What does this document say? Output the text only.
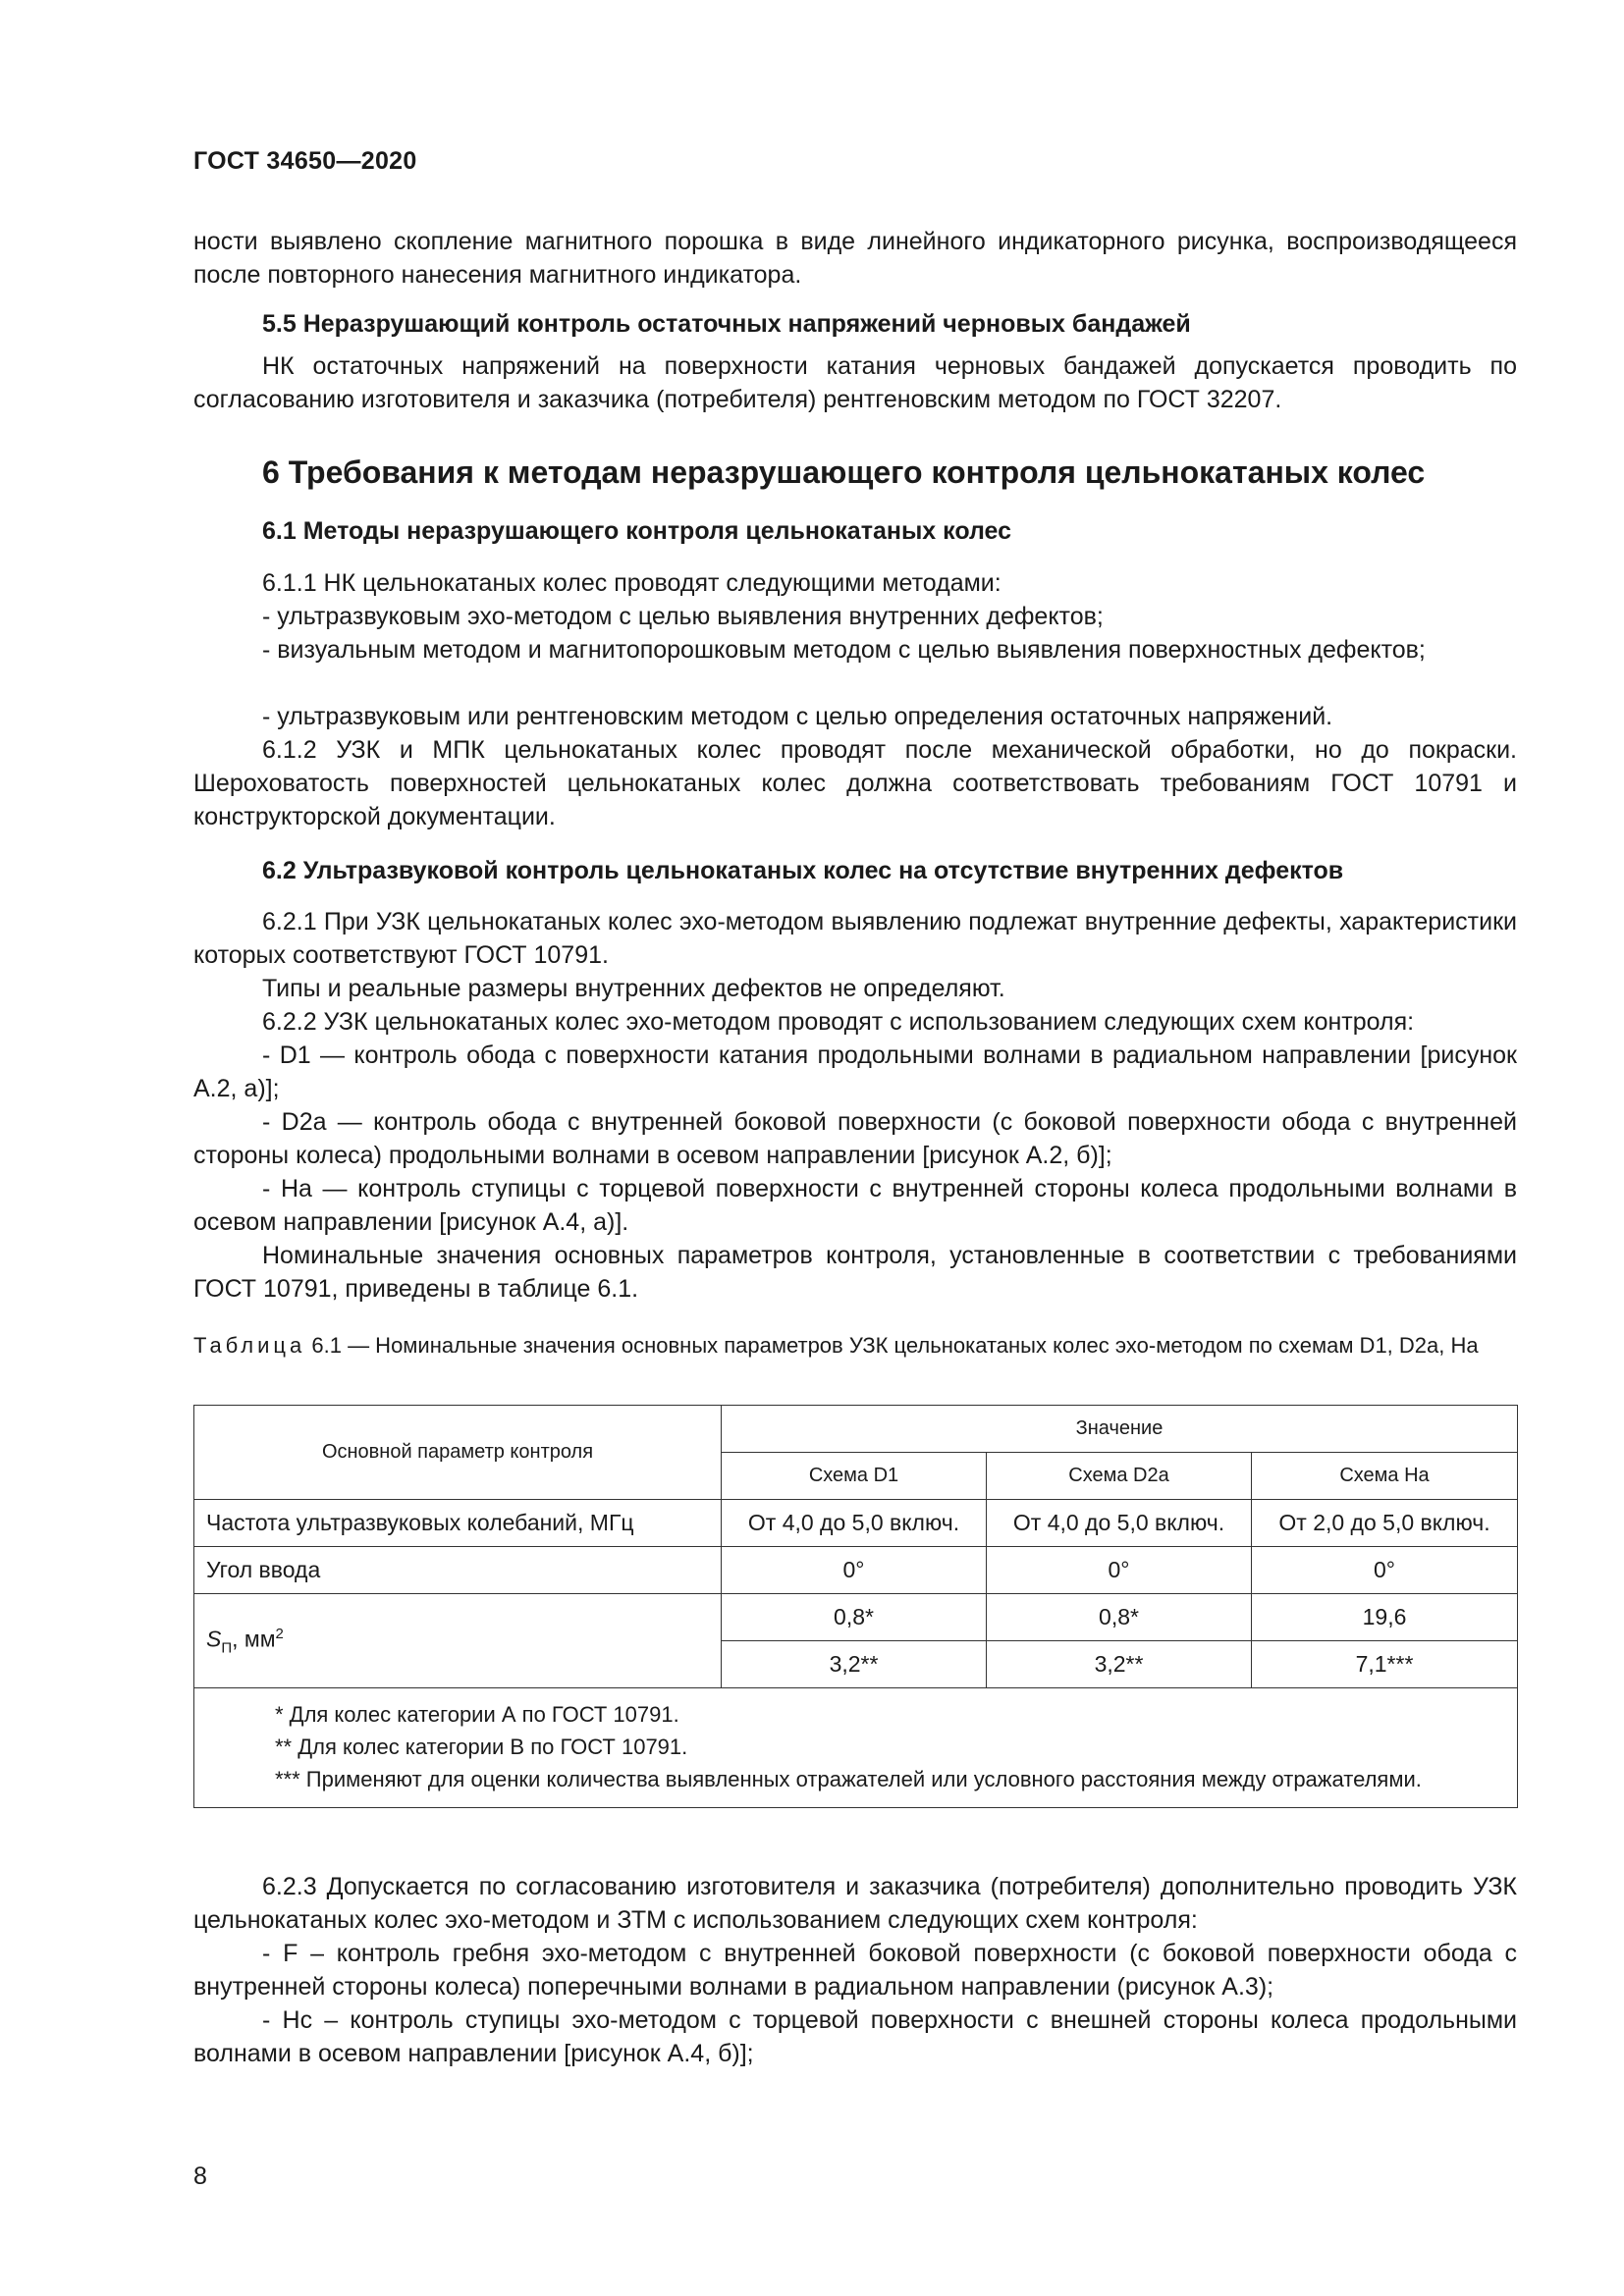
ГОСТ 34650—2020
ности выявлено скопление магнитного порошка в виде линейного индикаторного рисунка, воспроизводящееся после повторного нанесения магнитного индикатора.
5.5 Неразрушающий контроль остаточных напряжений черновых бандажей
НК остаточных напряжений на поверхности катания черновых бандажей допускается проводить по согласованию изготовителя и заказчика (потребителя) рентгеновским методом по ГОСТ 32207.
6 Требования к методам неразрушающего контроля цельнокатаных колес
6.1 Методы неразрушающего контроля цельнокатаных колес
6.1.1 НК цельнокатаных колес проводят следующими методами:
- ультразвуковым эхо-методом с целью выявления внутренних дефектов;
- визуальным методом и магнитопорошковым методом с целью выявления поверхностных дефектов;
- ультразвуковым или рентгеновским методом с целью определения остаточных напряжений.
6.1.2 УЗК и МПК цельнокатаных колес проводят после механической обработки, но до покраски. Шероховатость поверхностей цельнокатаных колес должна соответствовать требованиям ГОСТ 10791 и конструкторской документации.
6.2 Ультразвуковой контроль цельнокатаных колес на отсутствие внутренних дефектов
6.2.1 При УЗК цельнокатаных колес эхо-методом выявлению подлежат внутренние дефекты, характеристики которых соответствуют ГОСТ 10791.
Типы и реальные размеры внутренних дефектов не определяют.
6.2.2 УЗК цельнокатаных колес эхо-методом проводят с использованием следующих схем контроля:
- D1 — контроль обода с поверхности катания продольными волнами в радиальном направлении [рисунок А.2, а)];
- D2а — контроль обода с внутренней боковой поверхности (с боковой поверхности обода с внутренней стороны колеса) продольными волнами в осевом направлении [рисунок А.2, б)];
- На — контроль ступицы с торцевой поверхности с внутренней стороны колеса продольными волнами в осевом направлении [рисунок А.4, а)].
Номинальные значения основных параметров контроля, установленные в соответствии с требованиями ГОСТ 10791, приведены в таблице 6.1.
Таблица 6.1 — Номинальные значения основных параметров УЗК цельнокатаных колес эхо-методом по схемам D1, D2а, На
Основной параметр контроля	Значение		
	Схема D1	Схема D2а	Схема На
Частота ультразвуковых колебаний, МГц	От 4,0 до 5,0 включ.	От 4,0 до 5,0 включ.	От 2,0 до 5,0 включ.
Угол ввода	0°	0°	0°
$S_П$, $мм^2$	0,8*	0,8*	19,6
	3,2**	3,2**	7,1***

* Для колес категории А по ГОСТ 10791.
** Для колес категории В по ГОСТ 10791.
*** Применяют для оценки количества выявленных отражателей или условного расстояния между отражателями.			
6.2.3 Допускается по согласованию изготовителя и заказчика (потребителя) дополнительно проводить УЗК цельнокатаных колес эхо-методом и ЗТМ с использованием следующих схем контроля:
- F – контроль гребня эхо-методом с внутренней боковой поверхности (с боковой поверхности обода с внутренней стороны колеса) поперечными волнами в радиальном направлении (рисунок А.3);
- Нс – контроль ступицы эхо-методом с торцевой поверхности с внешней стороны колеса продольными волнами в осевом направлении [рисунок А.4, б)];
8
